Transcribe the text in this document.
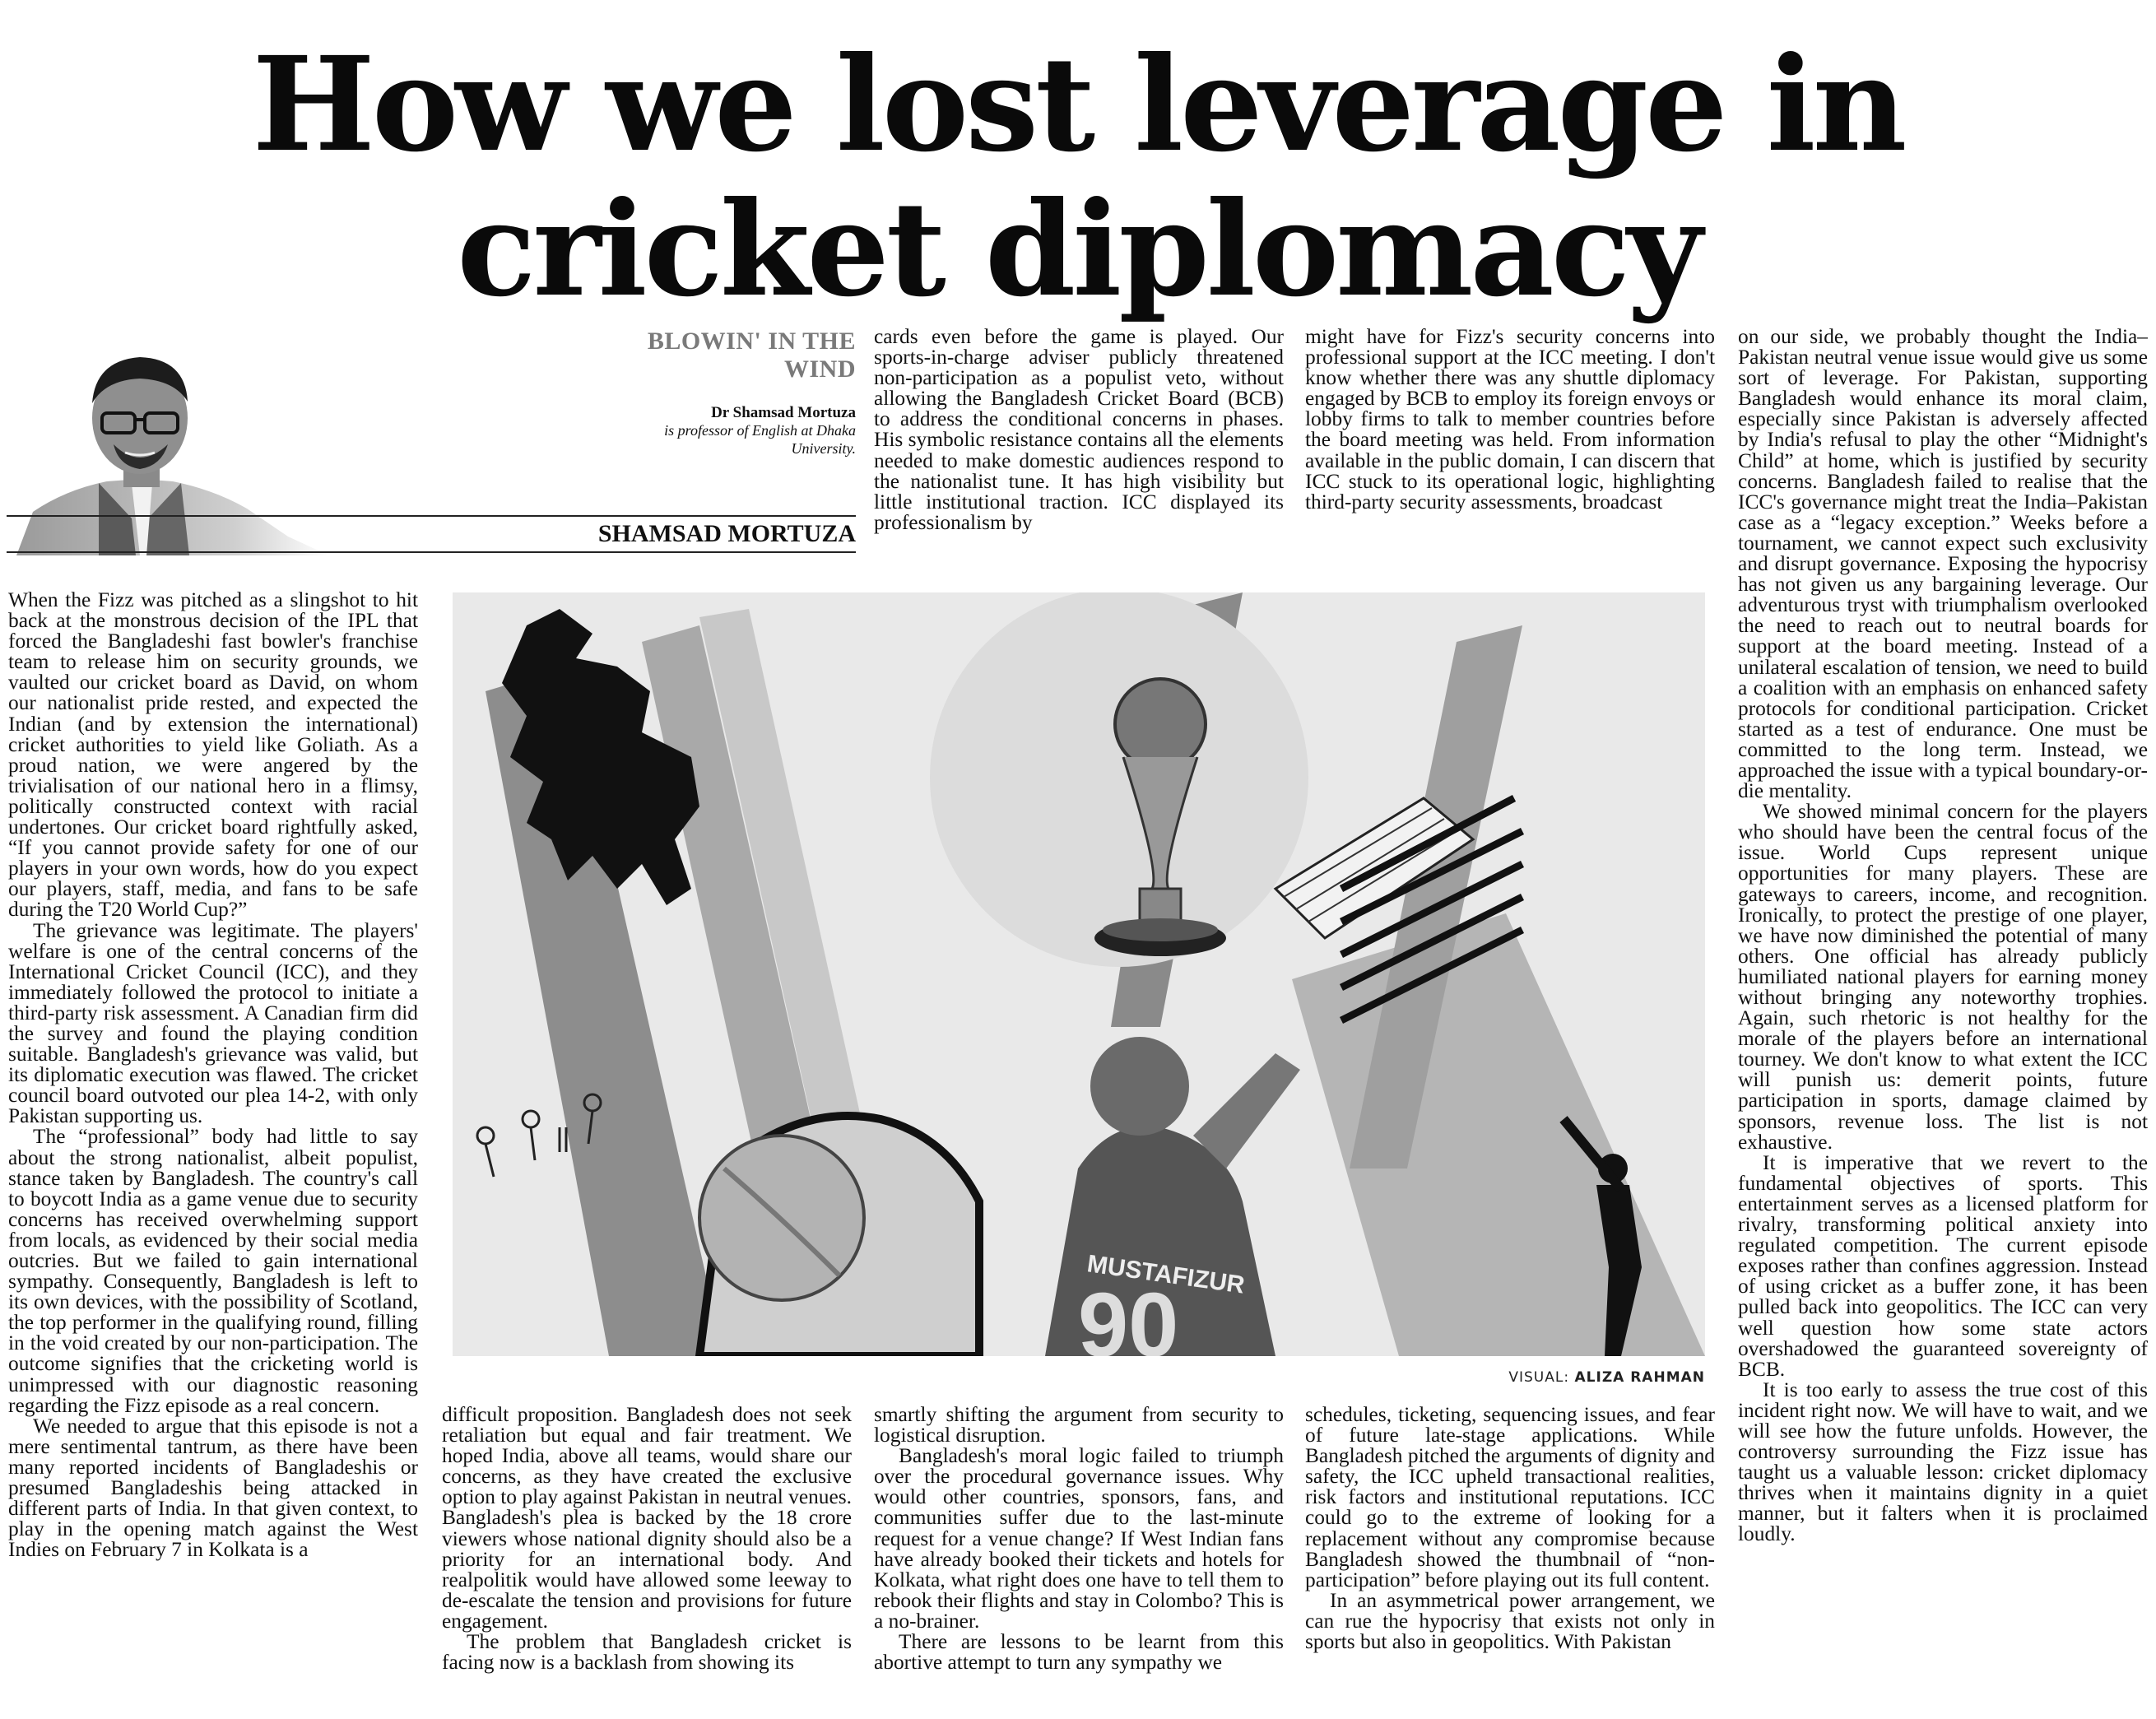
How we lost leverage in
cricket diplomacy
BLOWIN' IN THE
WIND
Dr Shamsad Mortuza
is professor of English at Dhaka
University.
SHAMSAD MORTUZA

When the Fizz was pitched as a slingshot to hit back at the monstrous decision of the IPL that forced the Bangladeshi fast bowler's franchise team to release him on security grounds, we vaulted our cricket board as David, on whom our nationalist pride rested, and expected the Indian (and by extension the international) cricket authorities to yield like Goliath. As a proud nation, we were angered by the trivialisation of our national hero in a flimsy, politically constructed context with racial undertones. Our cricket board rightfully asked, “If you cannot provide safety for one of our players in your own words, how do you expect our players, staff, media, and fans to be safe during the T20 World Cup?”

The grievance was legitimate. The players' welfare is one of the central concerns of the International Cricket Council (ICC), and they immediately followed the protocol to initiate a third-party risk assessment. A Canadian firm did the survey and found the playing condition suitable. Bangladesh's grievance was valid, but its diplomatic execution was flawed. The cricket council board outvoted our plea 14-2, with only Pakistan supporting us.

The “professional” body had little to say about the strong nationalist, albeit populist, stance taken by Bangladesh. The country's call to boycott India as a game venue due to security concerns has received overwhelming support from locals, as evidenced by their social media outcries. But we failed to gain international sympathy. Consequently, Bangladesh is left to its own devices, with the possibility of Scotland, the top performer in the qualifying round, filling in the void created by our non-participation. The outcome signifies that the cricketing world is unimpressed with our diagnostic reasoning regarding the Fizz episode as a real concern.

We needed to argue that this episode is not a mere sentimental tantrum, as there have been many reported incidents of Bangladeshis or presumed Bangladeshis being attacked in different parts of India. In that given context, to play in the opening match against the West Indies on February 7 in Kolkata is a

cards even before the game is played. Our sports-in-charge adviser publicly threatened non-participation as a populist veto, without allowing the Bangladesh Cricket Board (BCB) to address the conditional concerns in phases. His symbolic resistance contains all the elements needed to make domestic audiences respond to the nationalist tune. It has high visibility but little institutional traction. ICC displayed its professionalism by

might have for Fizz's security concerns into professional support at the ICC meeting. I don't know whether there was any shuttle diplomacy engaged by BCB to employ its foreign envoys or lobby firms to talk to member countries before the board meeting was held. From information available in the public domain, I can discern that ICC stuck to its operational logic, highlighting third-party security assessments, broadcast

on our side, we probably thought the India–Pakistan neutral venue issue would give us some sort of leverage. For Pakistan, supporting Bangladesh would enhance its moral claim, especially since Pakistan is adversely affected by India's refusal to play the other “Midnight's Child” at home, which is justified by security concerns. Bangladesh failed to realise that the ICC's governance might treat the India–Pakistan case as a “legacy exception.” Weeks before a tournament, we cannot expect such exclusivity and disrupt governance. Exposing the hypocrisy has not given us any bargaining leverage. Our adventurous tryst with triumphalism overlooked the need to reach out to neutral boards for support at the board meeting. Instead of a unilateral escalation of tension, we need to build a coalition with an emphasis on enhanced safety protocols for conditional participation. Cricket started as a test of endurance. One must be committed to the long term. Instead, we approached the issue with a typical boundary-or-die mentality.

We showed minimal concern for the players who should have been the central focus of the issue. World Cups represent unique opportunities for many players. These are gateways to careers, income, and recognition. Ironically, to protect the prestige of one player, we have now diminished the potential of many others. One official has already publicly humiliated national players for earning money without bringing any noteworthy trophies. Again, such rhetoric is not healthy for the morale of the players before an international tourney. We don't know to what extent the ICC will punish us: demerit points, future participation in sports, damage claimed by sponsors, revenue loss. The list is not exhaustive.

It is imperative that we revert to the fundamental objectives of sports. This entertainment serves as a licensed platform for rivalry, transforming political anxiety into regulated competition. The current episode exposes rather than confines aggression. Instead of using cricket as a buffer zone, it has been pulled back into geopolitics. The ICC can very well question how some state actors overshadowed the guaranteed sovereignty of BCB.

It is too early to assess the true cost of this incident right now. We will have to wait, and we will see how the future unfolds. However, the controversy surrounding the Fizz issue has taught us a valuable lesson: cricket diplomacy thrives when it maintains dignity in a quiet manner, but it falters when it is proclaimed loudly.

MUSTAFIZUR
90
VISUAL: ALIZA RAHMAN

difficult proposition. Bangladesh does not seek retaliation but equal and fair treatment. We hoped India, above all teams, would share our concerns, as they have created the exclusive option to play against Pakistan in neutral venues. Bangladesh's plea is backed by the 18 crore viewers whose national dignity should also be a priority for an international body. And realpolitik would have allowed some leeway to de-escalate the tension and provisions for future engagement.

The problem that Bangladesh cricket is facing now is a backlash from showing its

smartly shifting the argument from security to logistical disruption.

Bangladesh's moral logic failed to triumph over the procedural governance issues. Why would other countries, sponsors, fans, and communities suffer due to the last-minute request for a venue change? If West Indian fans have already booked their tickets and hotels for Kolkata, what right does one have to tell them to rebook their flights and stay in Colombo? This is a no-brainer.

There are lessons to be learnt from this abortive attempt to turn any sympathy we

schedules, ticketing, sequencing issues, and fear of future late-stage applications. While Bangladesh pitched the arguments of dignity and safety, the ICC upheld transactional realities, risk factors and institutional reputations. ICC could go to the extreme of looking for a replacement without any compromise because Bangladesh showed the thumbnail of “non-participation” before playing out its full content.

In an asymmetrical power arrangement, we can rue the hypocrisy that exists not only in sports but also in geopolitics. With Pakistan
